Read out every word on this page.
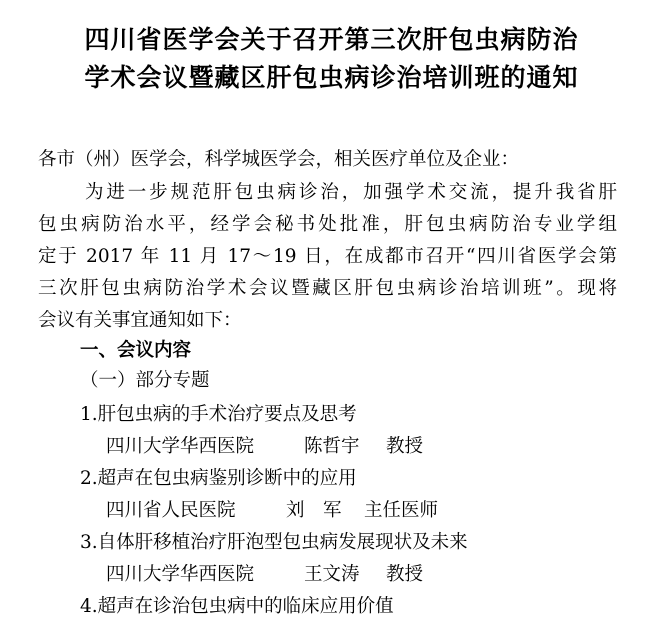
四川省医学会关于召开第三次肝包虫病防治
学术会议暨藏区肝包虫病诊治培训班的通知
各市（州）医学会，科学城医学会，相关医疗单位及企业：
为进一步规范肝包虫病诊治，加强学术交流，提升我省肝
包虫病防治水平，经学会秘书处批准，肝包虫病防治专业学组
定于 2017 年 11 月 17～19 日，在成都市召开“四川省医学会第
三次肝包虫病防治学术会议暨藏区肝包虫病诊治培训班”。现将
会议有关事宜通知如下：
一、会议内容
（一）部分专题
1.肝包虫病的手术治疗要点及思考
四川大学华西医院	陈哲宇	教授
2.超声在包虫病鉴别诊断中的应用
四川省人民医院	刘　军	主任医师
3.自体肝移植治疗肝泡型包虫病发展现状及未来
四川大学华西医院	王文涛	教授
4.超声在诊治包虫病中的临床应用价值
